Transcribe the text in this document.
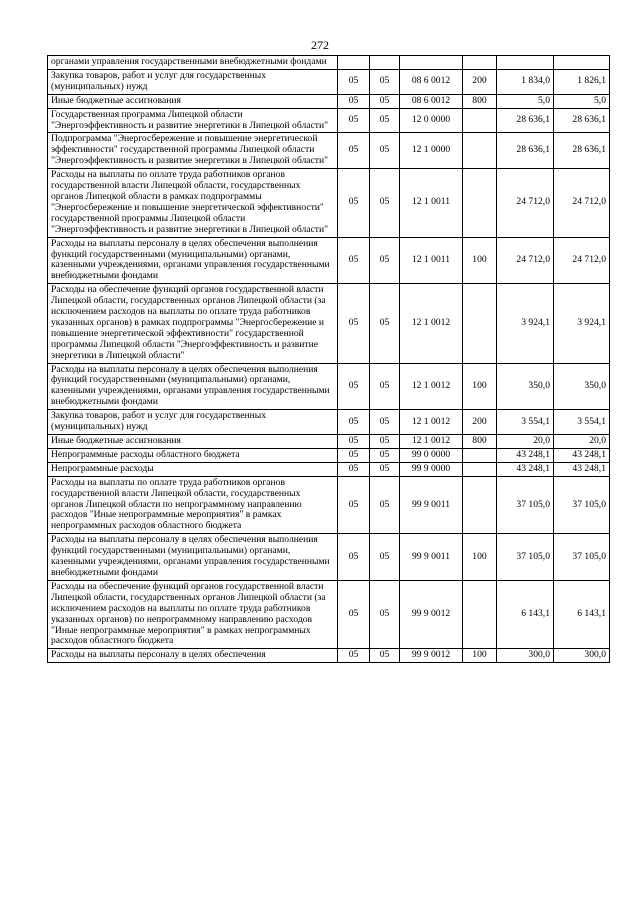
272
органами управления государственными внебюджетными фондами						
Закупка товаров, работ и услуг для государственных (муниципальных) нужд	05	05	08 6 0012	200	1 834,0	1 826,1
Иные бюджетные ассигнования	05	05	08 6 0012	800	5,0	5,0
Государственная программа Липецкой области "Энергоэффективность и развитие энергетики в Липецкой области"	05	05	12 0 0000		28 636,1	28 636,1
Подпрограмма "Энергосбережение и повышение энергетической эффективности" государственной программы Липецкой области "Энергоэффективность и развитие энергетики в Липецкой области"	05	05	12 1 0000		28 636,1	28 636,1
Расходы на выплаты по оплате труда работников органов государственной власти Липецкой области, государственных органов Липецкой области в рамках подпрограммы "Энергосбережение и повышение энергетической эффективности" государственной программы Липецкой области "Энергоэффективность и развитие энергетики в Липецкой области"	05	05	12 1 0011		24 712,0	24 712,0
Расходы на выплаты персоналу в целях обеспечения выполнения функций государственными (муниципальными) органами, казенными учреждениями, органами управления государственными внебюджетными фондами	05	05	12 1 0011	100	24 712,0	24 712,0
Расходы на обеспечение функций органов государственной власти Липецкой области, государственных органов Липецкой области (за исключением расходов на выплаты по оплате труда работников указанных органов) в рамках подпрограммы "Энергосбережение и повышение энергетической эффективности" государственной программы Липецкой области "Энергоэффективность и развитие энергетики в Липецкой области"	05	05	12 1 0012		3 924,1	3 924,1
Расходы на выплаты персоналу в целях обеспечения выполнения функций государственными (муниципальными) органами, казенными учреждениями, органами управления государственными внебюджетными фондами	05	05	12 1 0012	100	350,0	350,0
Закупка товаров, работ и услуг для государственных (муниципальных) нужд	05	05	12 1 0012	200	3 554,1	3 554,1
Иные бюджетные ассигнования	05	05	12 1 0012	800	20,0	20,0
Непрограммные расходы областного бюджета	05	05	99 0 0000		43 248,1	43 248,1
Непрограммные расходы	05	05	99 9 0000		43 248,1	43 248,1
Расходы на выплаты по оплате труда работников органов государственной власти Липецкой области, государственных органов Липецкой области по непрограммному направлению расходов "Иные непрограммные мероприятия" в рамках непрограммных расходов областного бюджета	05	05	99 9 0011		37 105,0	37 105,0
Расходы на выплаты персоналу в целях обеспечения выполнения функций государственными (муниципальными) органами, казенными учреждениями, органами управления государственными внебюджетными фондами	05	05	99 9 0011	100	37 105,0	37 105,0
Расходы на обеспечение функций органов государственной власти Липецкой области, государственных органов Липецкой области (за исключением расходов на выплаты по оплате труда работников указанных органов) по непрограммному направлению расходов "Иные непрограммные мероприятия" в рамках непрограммных расходов областного бюджета	05	05	99 9 0012		6 143,1	6 143,1
Расходы на выплаты персоналу в целях обеспечения	05	05	99 9 0012	100	300,0	300,0
